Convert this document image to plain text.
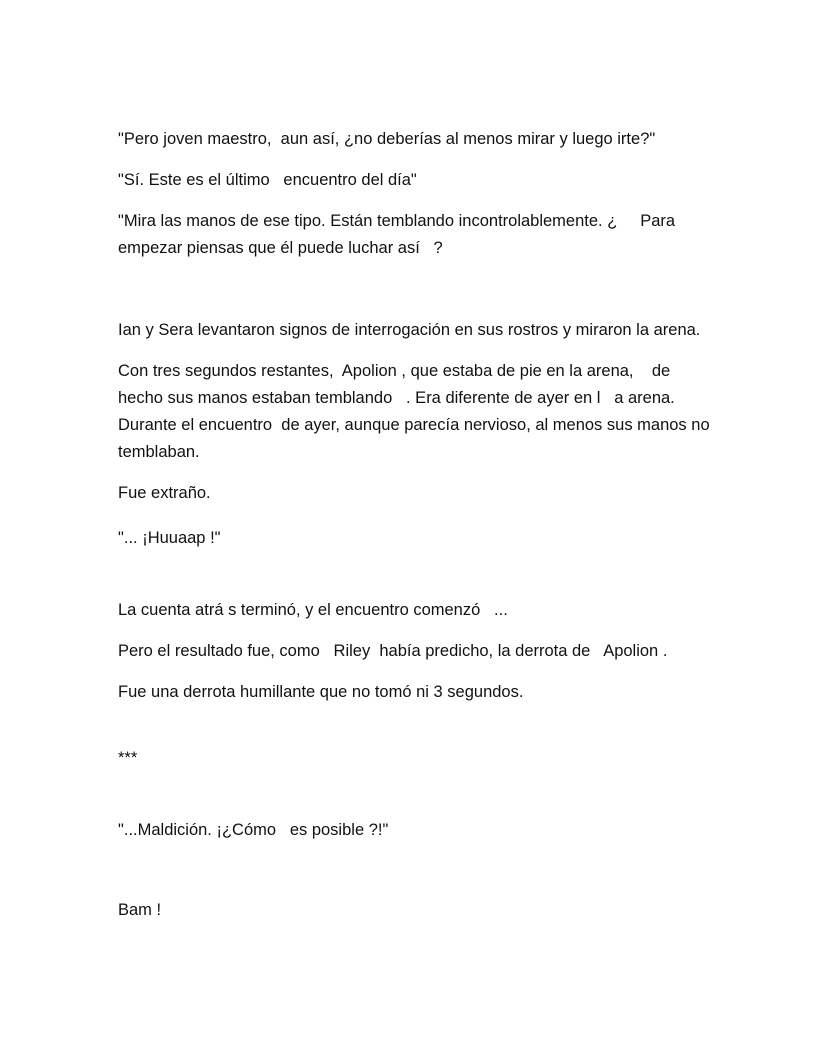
"Pero joven maestro,  aun así, ¿no deberías al menos mirar y luego irte?"

"Sí. Este es el último   encuentro del día"

"Mira las manos de ese tipo. Están temblando incontrolablemente. ¿     Para empezar piensas que él puede luchar así   ?

Ian y Sera levantaron signos de interrogación en sus rostros y miraron la arena.

Con tres segundos restantes,  Apolion , que estaba de pie en la arena,    de hecho sus manos estaban temblando   . Era diferente de ayer en l   a arena. Durante el encuentro  de ayer, aunque parecía nervioso, al menos sus manos no temblaban.

Fue extraño.

"... ¡Huuaap !"

La cuenta atrá s terminó, y el encuentro comenzó   ...

Pero el resultado fue, como   Riley  había predicho, la derrota de   Apolion .

Fue una derrota humillante que no tomó ni 3 segundos.

***

"...Maldición. ¡¿Cómo   es posible ?!"

Bam !
